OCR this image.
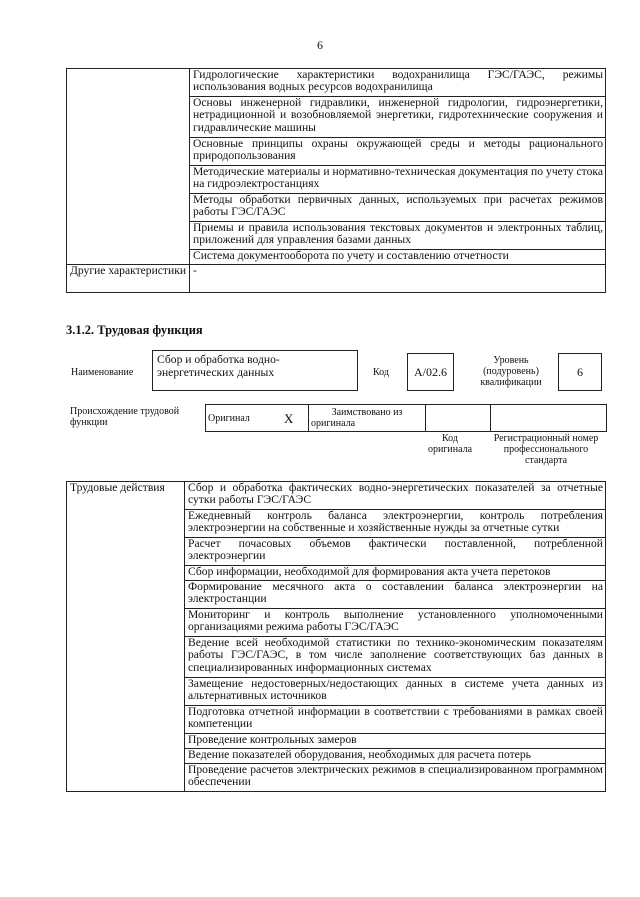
6
	Гидрологические характеристики водохранилища ГЭС/ГАЭС, режимы использования водных ресурсов водохранилища
	Основы инженерной гидравлики, инженерной гидрологии, гидроэнергетики, нетрадиционной и возобновляемой энергетики, гидротехнические сооружения и гидравлические машины
	Основные принципы охраны окружающей среды и методы рационального природопользования
	Методические материалы и нормативно-техническая документация по учету стока на гидроэлектростанциях
	Методы обработки первичных данных, используемых при расчетах режимов работы ГЭС/ГАЭС
	Приемы и правила использования текстовых документов и электронных таблиц, приложений для управления базами данных
	Система документооборота по учету и составлению отчетности
Другие характеристики	-
3.1.2. Трудовая функция
Наименование
Сбор и обработка водно-энергетических данных	Код	A/02.6
Уровень (подуровень) квалификации
6
Происхождение трудовой функции	Оригинал	X	Заимствовано из оригинала		
Код оригинала
Регистрационный номер профессионального стандарта
Трудовые действия	Сбор и обработка фактических водно-энергетических показателей за отчетные сутки работы ГЭС/ГАЭС
Ежедневный контроль баланса электроэнергии, контроль потребления электроэнергии на собственные и хозяйственные нужды за отчетные сутки
Расчет почасовых объемов фактически поставленной, потребленной электроэнергии
Сбор информации, необходимой для формирования акта учета перетоков
Формирование месячного акта о составлении баланса электроэнергии на электростанции
Мониторинг и контроль выполнение установленного уполномоченными организациями режима работы ГЭС/ГАЭС
Ведение всей необходимой статистики по технико-экономическим показателям работы ГЭС/ГАЭС, в том числе заполнение соответствующих баз данных в специализированных информационных системах
Замещение недостоверных/недостающих данных в системе учета данных из альтернативных источников
Подготовка отчетной информации в соответствии с требованиями в рамках своей компетенции
Проведение контрольных замеров
Ведение показателей оборудования, необходимых для расчета потерь
Проведение расчетов электрических режимов в специализированном программном обеспечении
